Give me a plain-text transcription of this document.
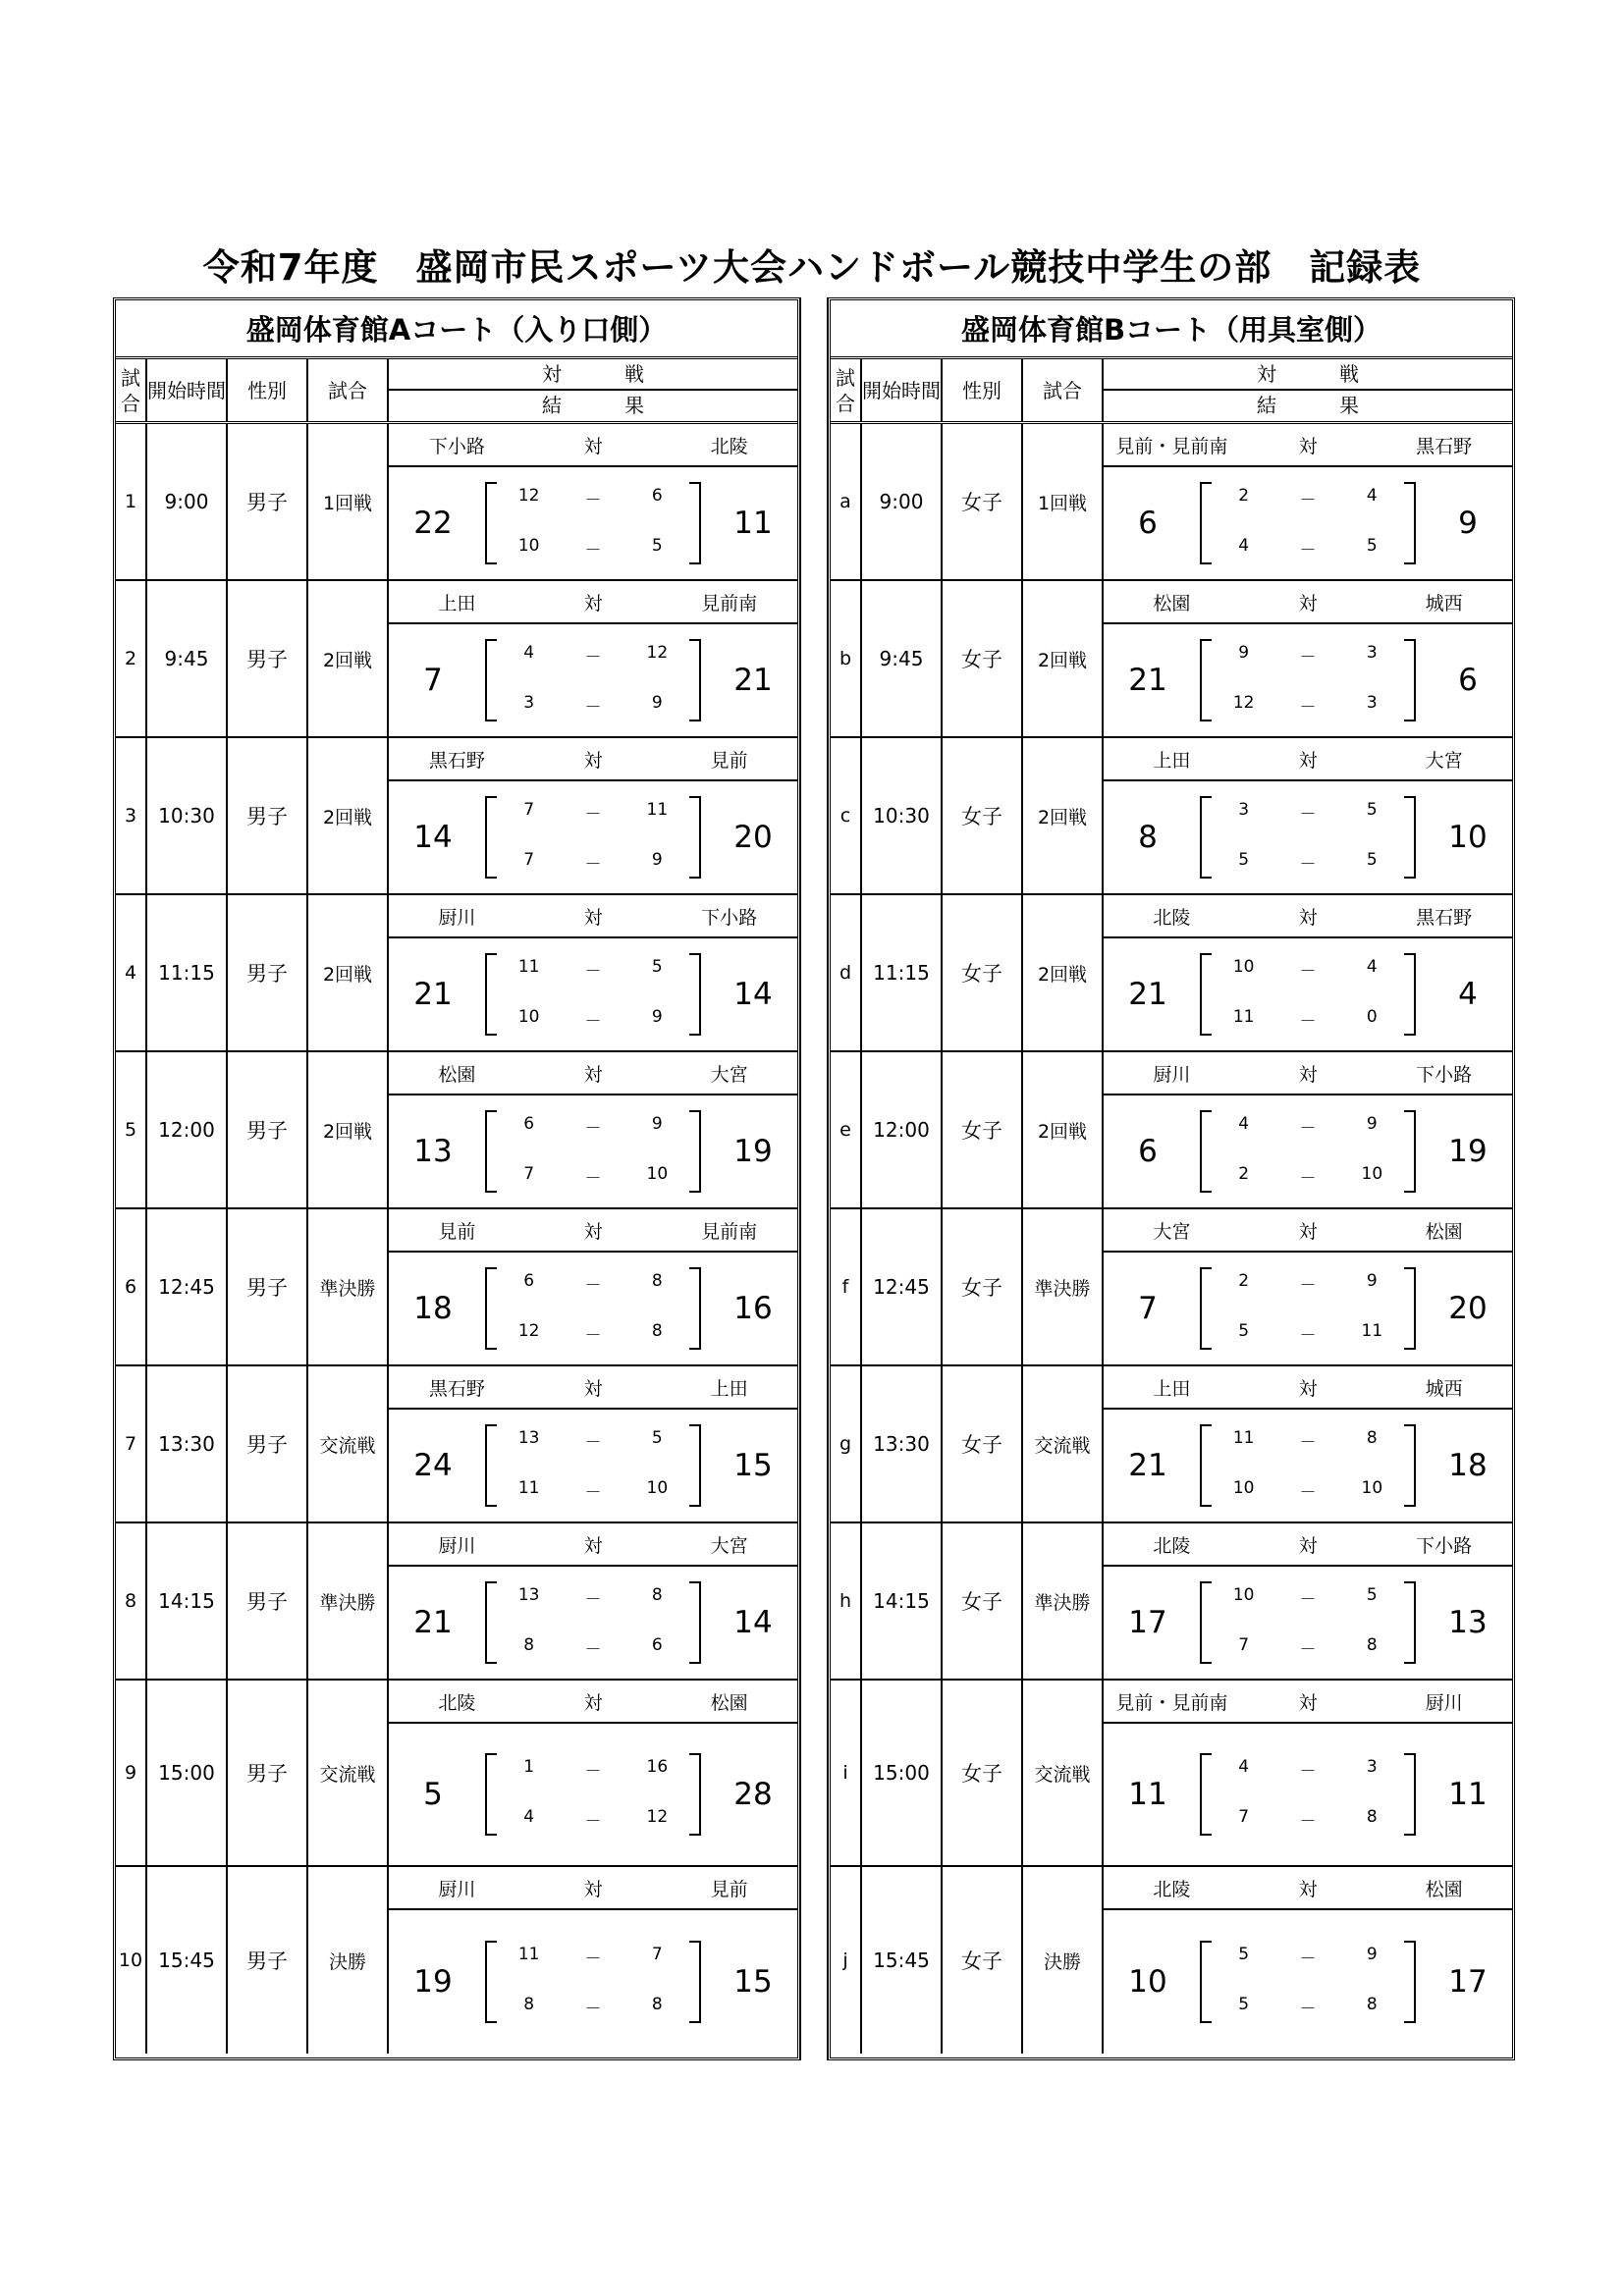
令和7年度　盛岡市民スポーツ大会ハンドボール競技中学生の部　記録表
盛岡体育館Aコート（入り口側）
試合
開始時間	性別	試合
対　戦
結　果
1	9:00	男子	1回戦
下小路	対	北陵
22
12	－	6
10	－	5
11
2	9:45	男子	2回戦
上田	対	見前南
7
4	－	12
3	－	9
21
3	10:30	男子	2回戦
黒石野	対	見前
14
7	－	11
7	－	9
20
4	11:15	男子	2回戦
厨川	対	下小路
21
11	－	5
10	－	9
14
5	12:00	男子	2回戦
松園	対	大宮
13
6	－	9
7	－	10
19
6	12:45	男子	準決勝
見前	対	見前南
18
6	－	8
12	－	8
16
7	13:30	男子	交流戦
黒石野	対	上田
24
13	－	5
11	－	10
15
8	14:15	男子	準決勝
厨川	対	大宮
21
13	－	8
8	－	6
14
9	15:00	男子	交流戦
北陵	対	松園
5
1	－	16
4	－	12
28
10 15:45	男子	決勝
厨川	対	見前
19
11	－	7
8	－	8
15
盛岡体育館Bコート（用具室側）
試合
開始時間	性別	試合
対　戦
結　果
a	9:00	女子	1回戦
見前・見前南	対	黒石野
6
2	－	4
4	－	5
9
b	9:45	女子	2回戦
松園	対	城西
21
9	－	3
12	－	3
6
c	10:30	女子	2回戦
上田	対	大宮
8
3	－	5
5	－	5
10
d	11:15	女子	2回戦
北陵	対	黒石野
21
10	－	4
11	－	0
4
e	12:00	女子	2回戦
厨川	対	下小路
6
4	－	9
2	－	10
19
f	12:45	女子	準決勝
大宮	対	松園
7
2	－	9
5	－	11
20
g	13:30	女子	交流戦
上田	対	城西
21
11	－	8
10	－	10
18
h	14:15	女子	準決勝
北陵	対	下小路
17
10	－	5
7	－	8
13
i	15:00	女子	交流戦
見前・見前南	対	厨川
11
4	－	3
7	－	8
11
j	15:45	女子	決勝
北陵	対	松園
10
5	－	9
5	－	8
17
